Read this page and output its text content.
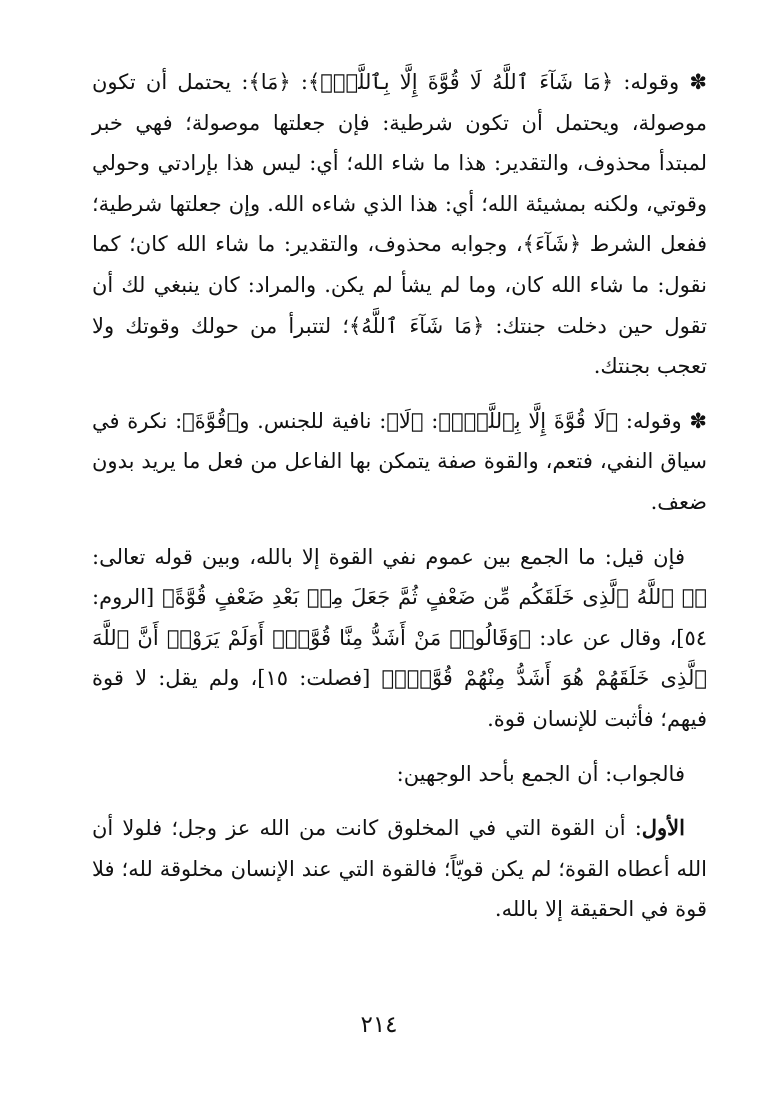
✽ وقوله: ﴿مَا شَآءَ ٱللَّهُ لَا قُوَّةَ إِلَّا بِٱللَّهِۚ﴾: ﴿مَا﴾: يحتمل أن تكون موصولة، ويحتمل أن تكون شرطية: فإن جعلتها موصولة؛ فهي خبر لمبتدأ محذوف، والتقدير: هذا ما شاء الله؛ أي: ليس هذا بإرادتي وحولي وقوتي، ولكنه بمشيئة الله؛ أي: هذا الذي شاءه الله. وإن جعلتها شرطية؛ ففعل الشرط ﴿شَآءَ﴾، وجوابه محذوف، والتقدير: ما شاء الله كان؛ كما نقول: ما شاء الله كان، وما لم يشأ لم يكن. والمراد: كان ينبغي لك أن تقول حين دخلت جنتك: ﴿مَا شَآءَ ٱللَّهُ﴾؛ لتتبرأ من حولك وقوتك ولا تعجب بجنتك.

✽ وقوله: ﴿لَا قُوَّةَ إِلَّا بِٱللَّهِۚ﴾: ﴿لَا﴾: نافية للجنس. و﴿قُوَّةَ﴾: نكرة في سياق النفي، فتعم، والقوة صفة يتمكن بها الفاعل من فعل ما يريد بدون ضعف.

فإن قيل: ما الجمع بين عموم نفي القوة إلا بالله، وبين قوله تعالى: ﴿۞ ٱللَّهُ ٱلَّذِى خَلَقَكُم مِّن ضَعْفٍ ثُمَّ جَعَلَ مِنۢ بَعْدِ ضَعْفٍ قُوَّةً﴾ [الروم: ٥٤]، وقال عن عاد: ﴿وَقَالُوا۟ مَنْ أَشَدُّ مِنَّا قُوَّةًۖ أَوَلَمْ يَرَوْا۟ أَنَّ ٱللَّهَ ٱلَّذِى خَلَقَهُمْ هُوَ أَشَدُّ مِنْهُمْ قُوَّةًۖ﴾ [فصلت: ١٥]، ولم يقل: لا قوة فيهم؛ فأثبت للإنسان قوة.

فالجواب: أن الجمع بأحد الوجهين:

الأول: أن القوة التي في المخلوق كانت من الله عز وجل؛ فلولا أن الله أعطاه القوة؛ لم يكن قويّاً؛ فالقوة التي عند الإنسان مخلوقة لله؛ فلا قوة في الحقيقة إلا بالله.

٢١٤
